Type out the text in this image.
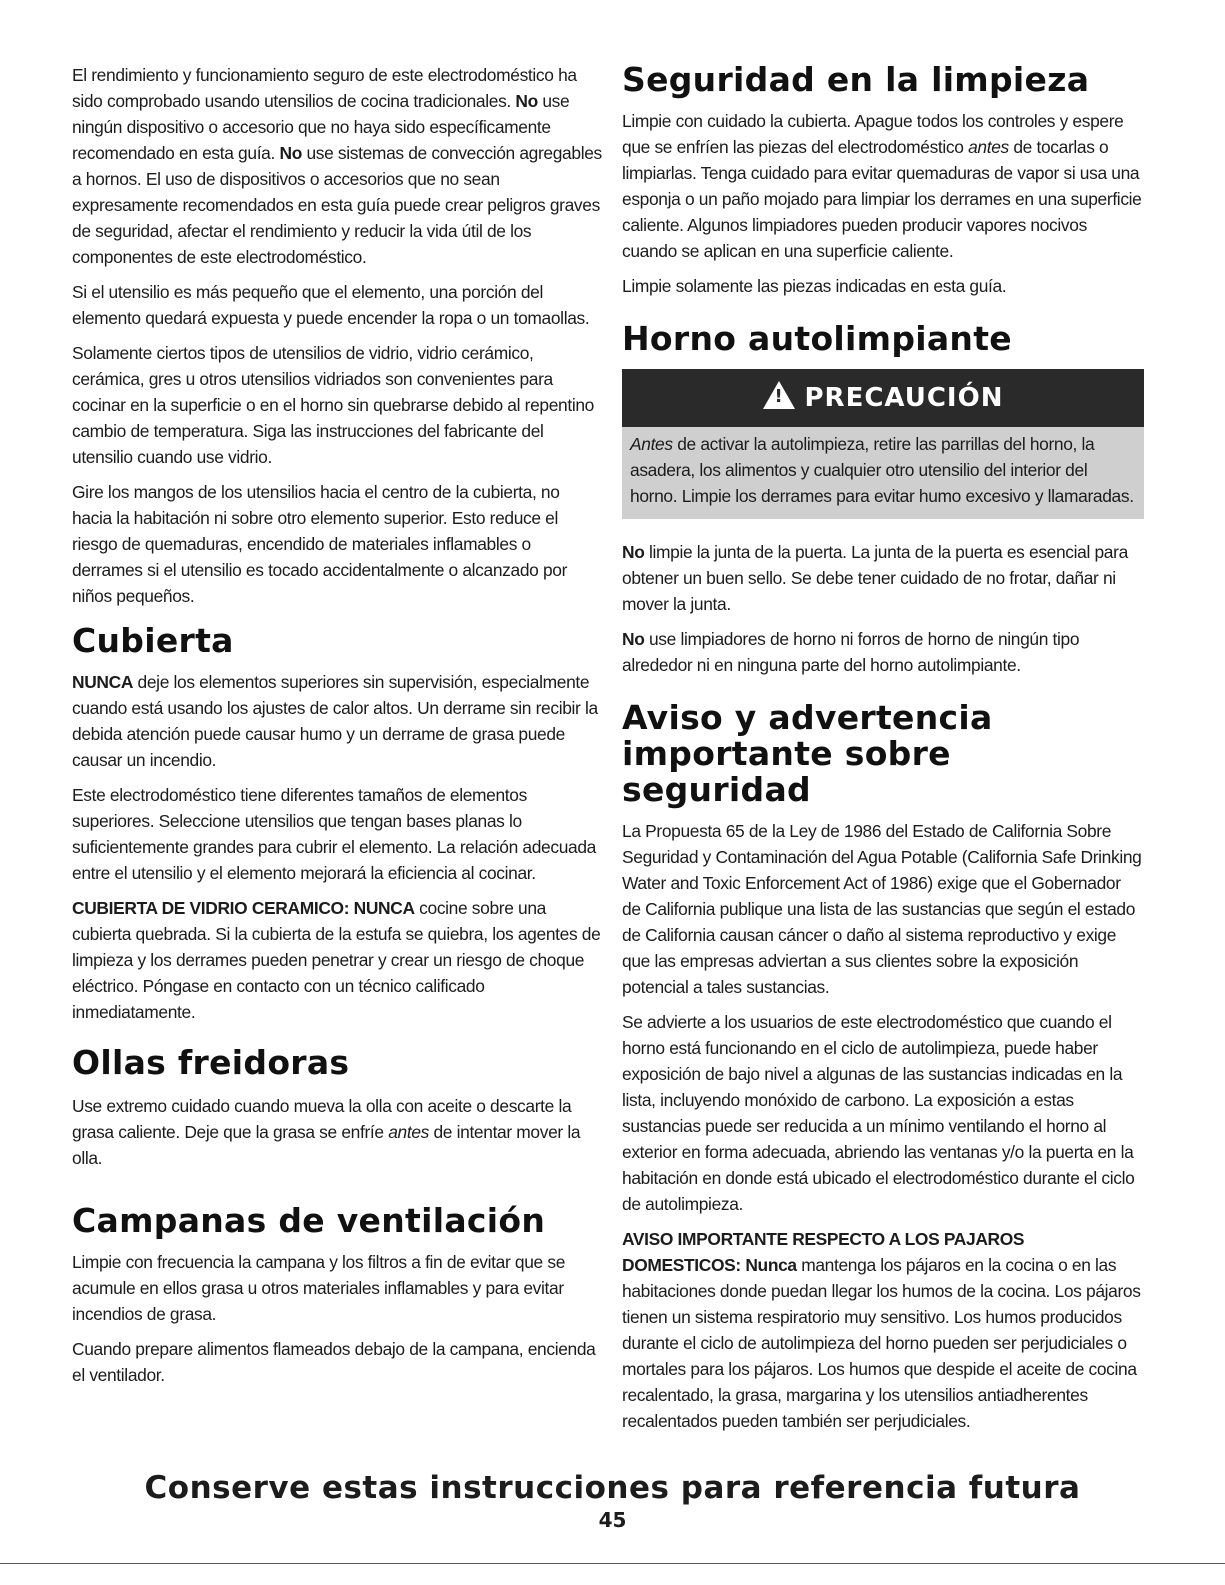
El rendimiento y funcionamiento seguro de este electrodoméstico ha sido comprobado usando utensilios de cocina tradicionales. No use ningún dispositivo o accesorio que no haya sido específicamente recomendado en esta guía. No use sistemas de convección agregables a hornos. El uso de dispositivos o accesorios que no sean expresamente recomendados en esta guía puede crear peligros graves de seguridad, afectar el rendimiento y reducir la vida útil de los componentes de este electrodoméstico.

Si el utensilio es más pequeño que el elemento, una porción del elemento quedará expuesta y puede encender la ropa o un tomaollas.

Solamente ciertos tipos de utensilios de vidrio, vidrio cerámico, cerámica, gres u otros utensilios vidriados son convenientes para cocinar en la superficie o en el horno sin quebrarse debido al repentino cambio de temperatura. Siga las instrucciones del fabricante del utensilio cuando use vidrio.

Gire los mangos de los utensilios hacia el centro de la cubierta, no hacia la habitación ni sobre otro elemento superior. Esto reduce el riesgo de quemaduras, encendido de materiales inflamables o derrames si el utensilio es tocado accidentalmente o alcanzado por niños pequeños.

Cubierta

NUNCA deje los elementos superiores sin supervisión, especialmente cuando está usando los ajustes de calor altos. Un derrame sin recibir la debida atención puede causar humo y un derrame de grasa puede causar un incendio.

Este electrodoméstico tiene diferentes tamaños de elementos superiores. Seleccione utensilios que tengan bases planas lo suficientemente grandes para cubrir el elemento. La relación adecuada entre el utensilio y el elemento mejorará la eficiencia al cocinar.

CUBIERTA DE VIDRIO CERAMICO: NUNCA cocine sobre una cubierta quebrada. Si la cubierta de la estufa se quiebra, los agentes de limpieza y los derrames pueden penetrar y crear un riesgo de choque eléctrico. Póngase en contacto con un técnico calificado inmediatamente.

Ollas freidoras

Use extremo cuidado cuando mueva la olla con aceite o descarte la grasa caliente. Deje que la grasa se enfríe antes de intentar mover la olla.

Campanas de ventilación

Limpie con frecuencia la campana y los filtros a fin de evitar que se acumule en ellos grasa u otros materiales inflamables y para evitar incendios de grasa.

Cuando prepare alimentos flameados debajo de la campana, encienda el ventilador.

Seguridad en la limpieza

Limpie con cuidado la cubierta. Apague todos los controles y espere que se enfríen las piezas del electrodoméstico antes de tocarlas o limpiarlas. Tenga cuidado para evitar quemaduras de vapor si usa una esponja o un paño mojado para limpiar los derrames en una superficie caliente. Algunos limpiadores pueden producir vapores nocivos cuando se aplican en una superficie caliente.

Limpie solamente las piezas indicadas en esta guía.

Horno autolimpiante
! PRECAUCIÓN
Antes de activar la autolimpieza, retire las parrillas del horno, la asadera, los alimentos y cualquier otro utensilio del interior del horno. Limpie los derrames para evitar humo excesivo y llamaradas.

No limpie la junta de la puerta. La junta de la puerta es esencial para obtener un buen sello. Se debe tener cuidado de no frotar, dañar ni mover la junta.

No use limpiadores de horno ni forros de horno de ningún tipo alrededor ni en ninguna parte del horno autolimpiante.

Aviso y advertencia
importante sobre seguridad

La Propuesta 65 de la Ley de 1986 del Estado de California Sobre Seguridad y Contaminación del Agua Potable (California Safe Drinking Water and Toxic Enforcement Act of 1986) exige que el Gobernador de California publique una lista de las sustancias que según el estado de California causan cáncer o daño al sistema reproductivo y exige que las empresas adviertan a sus clientes sobre la exposición potencial a tales sustancias.

Se advierte a los usuarios de este electrodoméstico que cuando el horno está funcionando en el ciclo de autolimpieza, puede haber exposición de bajo nivel a algunas de las sustancias indicadas en la lista, incluyendo monóxido de carbono. La exposición a estas sustancias puede ser reducida a un mínimo ventilando el horno al exterior en forma adecuada, abriendo las ventanas y/o la puerta en la habitación en donde está ubicado el electrodoméstico durante el ciclo de autolimpieza.

AVISO IMPORTANTE RESPECTO A LOS PAJAROS DOMESTICOS: Nunca mantenga los pájaros en la cocina o en las habitaciones donde puedan llegar los humos de la cocina. Los pájaros tienen un sistema respiratorio muy sensitivo. Los humos producidos durante el ciclo de autolimpieza del horno pueden ser perjudiciales o mortales para los pájaros. Los humos que despide el aceite de cocina recalentado, la grasa, margarina y los utensilios antiadherentes recalentados pueden también ser perjudiciales.

Conserve estas instrucciones para referencia futura
45
